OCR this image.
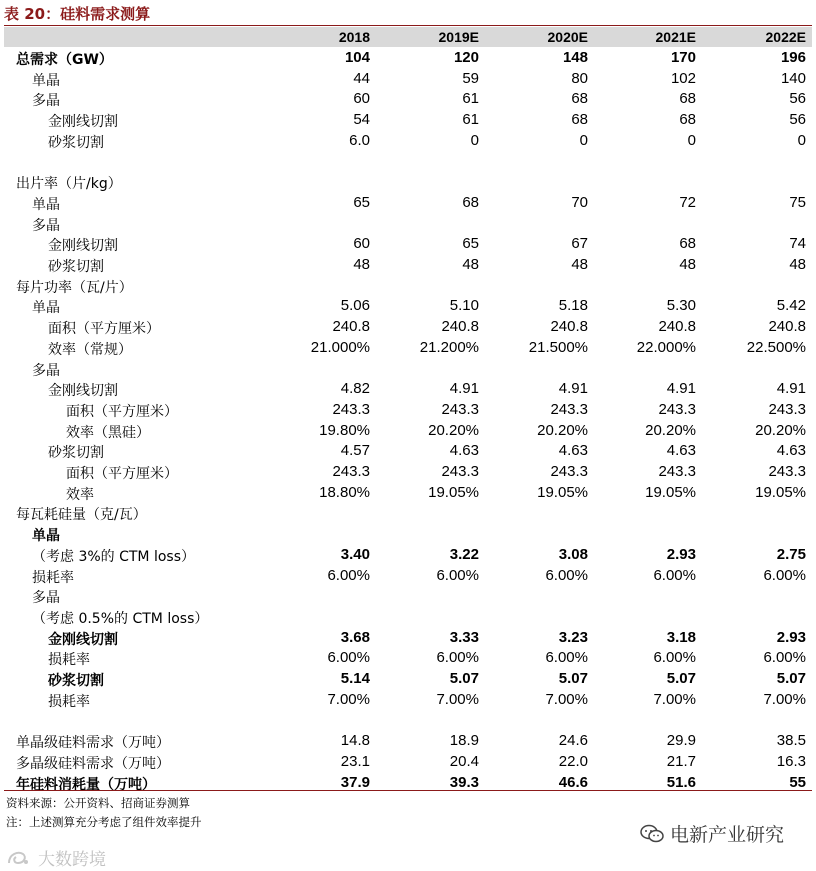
表 20：硅料需求测算
2018	2019E	2020E	2021E	2022E
总需求（GW）	104	120	148	170	196
单晶	44	59	80	102	140
多晶	60	61	68	68	56
金刚线切割	54	61	68	68	56
砂浆切割	6.0	0	0	0	0
出片率（片/kg）
单晶	65	68	70	72	75
多晶
金刚线切割	60	65	67	68	74
砂浆切割	48	48	48	48	48
每片功率（瓦/片）
单晶	5.06	5.10	5.18	5.30	5.42
面积（平方厘米）	240.8	240.8	240.8	240.8	240.8
效率（常规）	21.000%	21.200%	21.500%	22.000%	22.500%
多晶
金刚线切割	4.82	4.91	4.91	4.91	4.91
面积（平方厘米）	243.3	243.3	243.3	243.3	243.3
效率（黑硅）	19.80%	20.20%	20.20%	20.20%	20.20%
砂浆切割	4.57	4.63	4.63	4.63	4.63
面积（平方厘米）	243.3	243.3	243.3	243.3	243.3
效率	18.80%	19.05%	19.05%	19.05%	19.05%
每瓦耗硅量（克/瓦）
单晶
（考虑 3%的 CTM loss）	3.40	3.22	3.08	2.93	2.75
损耗率	6.00%	6.00%	6.00%	6.00%	6.00%
多晶
（考虑 0.5%的 CTM loss）
金刚线切割	3.68	3.33	3.23	3.18	2.93
损耗率	6.00%	6.00%	6.00%	6.00%	6.00%
砂浆切割	5.14	5.07	5.07	5.07	5.07
损耗率	7.00%	7.00%	7.00%	7.00%	7.00%
单晶级硅料需求（万吨）	14.8	18.9	24.6	29.9	38.5
多晶级硅料需求（万吨）	23.1	20.4	22.0	21.7	16.3
年硅料消耗量（万吨）	37.9	39.3	46.6	51.6	55
资料来源：公开资料、招商证券测算
注：上述测算充分考虑了组件效率提升
电新产业研究
大数跨境
